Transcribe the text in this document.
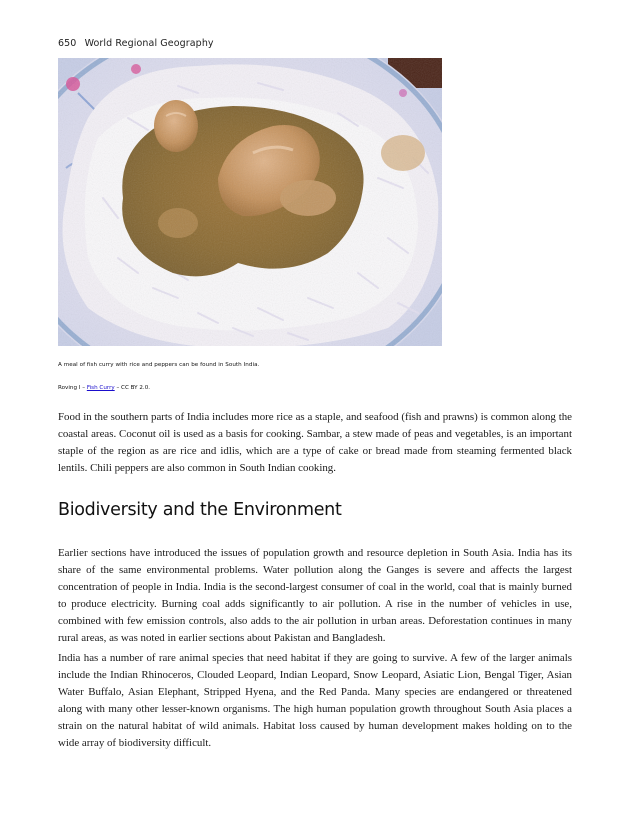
650 World Regional Geography
A meal of fish curry with rice and peppers can be found in South India.
Roving I – Fish Curry – CC BY 2.0.

Food in the southern parts of India includes more rice as a staple, and seafood (fish and prawns) is common along the coastal areas. Coconut oil is used as a basis for cooking. Sambar, a stew made of peas and vegetables, is an important staple of the region as are rice and idlis, which are a type of cake or bread made from steaming fermented black lentils. Chili peppers are also common in South Indian cooking.

Biodiversity and the Environment

Earlier sections have introduced the issues of population growth and resource depletion in South Asia. India has its share of the same environmental problems. Water pollution along the Ganges is severe and affects the largest concentration of people in India. India is the second-largest consumer of coal in the world, coal that is mainly burned to produce electricity. Burning coal adds significantly to air pollution. A rise in the number of vehicles in use, combined with few emission controls, also adds to the air pollution in urban areas. Deforestation continues in many rural areas, as was noted in earlier sections about Pakistan and Bangladesh.

India has a number of rare animal species that need habitat if they are going to survive. A few of the larger animals include the Indian Rhinoceros, Clouded Leopard, Indian Leopard, Snow Leopard, Asiatic Lion, Bengal Tiger, Asian Water Buffalo, Asian Elephant, Stripped Hyena, and the Red Panda. Many species are endangered or threatened along with many other lesser-known organisms. The high human population growth throughout South Asia places a strain on the natural habitat of wild animals. Habitat loss caused by human development makes holding on to the wide array of biodiversity difficult.
